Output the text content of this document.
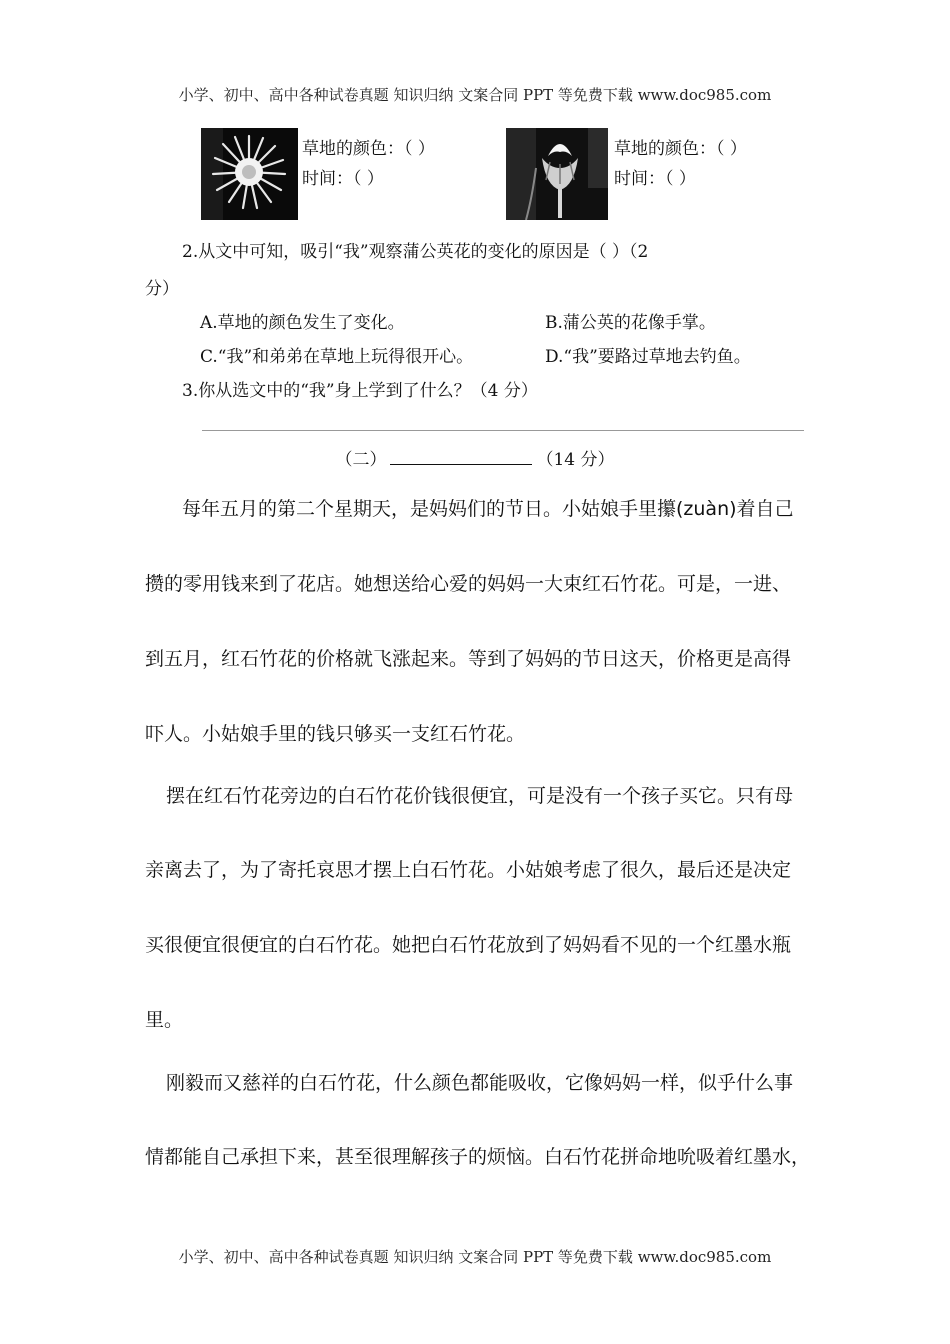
小学、初中、高中各种试卷真题 知识归纳 文案合同 PPT 等免费下载 www.doc985.com
草地的颜色：（ ）
时间：（ ）
草地的颜色：（ ）
时间：（ ）
2.从文中可知，吸引“我”观察蒲公英花的变化的原因是（ ）（2
分）
A.草地的颜色发生了变化。	B.蒲公英的花像手掌。
C.“我”和弟弟在草地上玩得很开心。	D.“我”要路过草地去钓鱼。
3.你从选文中的“我”身上学到了什么？（4 分）
（二）	（14 分）
每年五月的第二个星期天，是妈妈们的节日。小姑娘手里攥(zuàn)着自己
攒的零用钱来到了花店。她想送给心爱的妈妈一大束红石竹花。可是，一进、
到五月，红石竹花的价格就飞涨起来。等到了妈妈的节日这天，价格更是高得
吓人。小姑娘手里的钱只够买一支红石竹花。
摆在红石竹花旁边的白石竹花价钱很便宜，可是没有一个孩子买它。只有母
亲离去了，为了寄托哀思才摆上白石竹花。小姑娘考虑了很久，最后还是决定
买很便宜很便宜的白石竹花。她把白石竹花放到了妈妈看不见的一个红墨水瓶
里。
刚毅而又慈祥的白石竹花，什么颜色都能吸收，它像妈妈一样，似乎什么事
情都能自己承担下来，甚至很理解孩子的烦恼。白石竹花拼命地吮吸着红墨水，
小学、初中、高中各种试卷真题 知识归纳 文案合同 PPT 等免费下载 www.doc985.com
